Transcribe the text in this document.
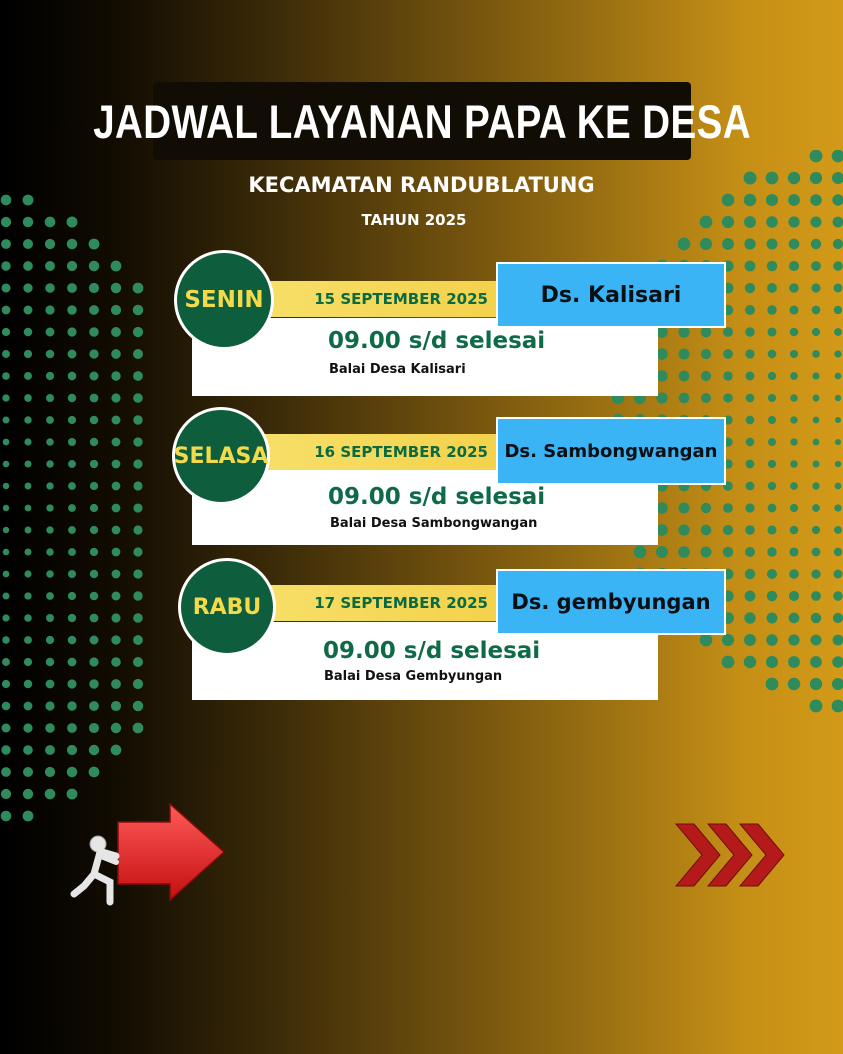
JADWAL LAYANAN PAPA KE DESA
KECAMATAN RANDUBLATUNG
TAHUN 2025
15 SEPTEMBER 2025
SENIN	Ds. Kalisari
09.00 s/d selesai
Balai Desa Kalisari
16 SEPTEMBER 2025
SELASA	Ds. Sambongwangan
09.00 s/d selesai
Balai Desa Sambongwangan
17 SEPTEMBER 2025
RABU	Ds. gembyungan
09.00 s/d selesai
Balai Desa Gembyungan
